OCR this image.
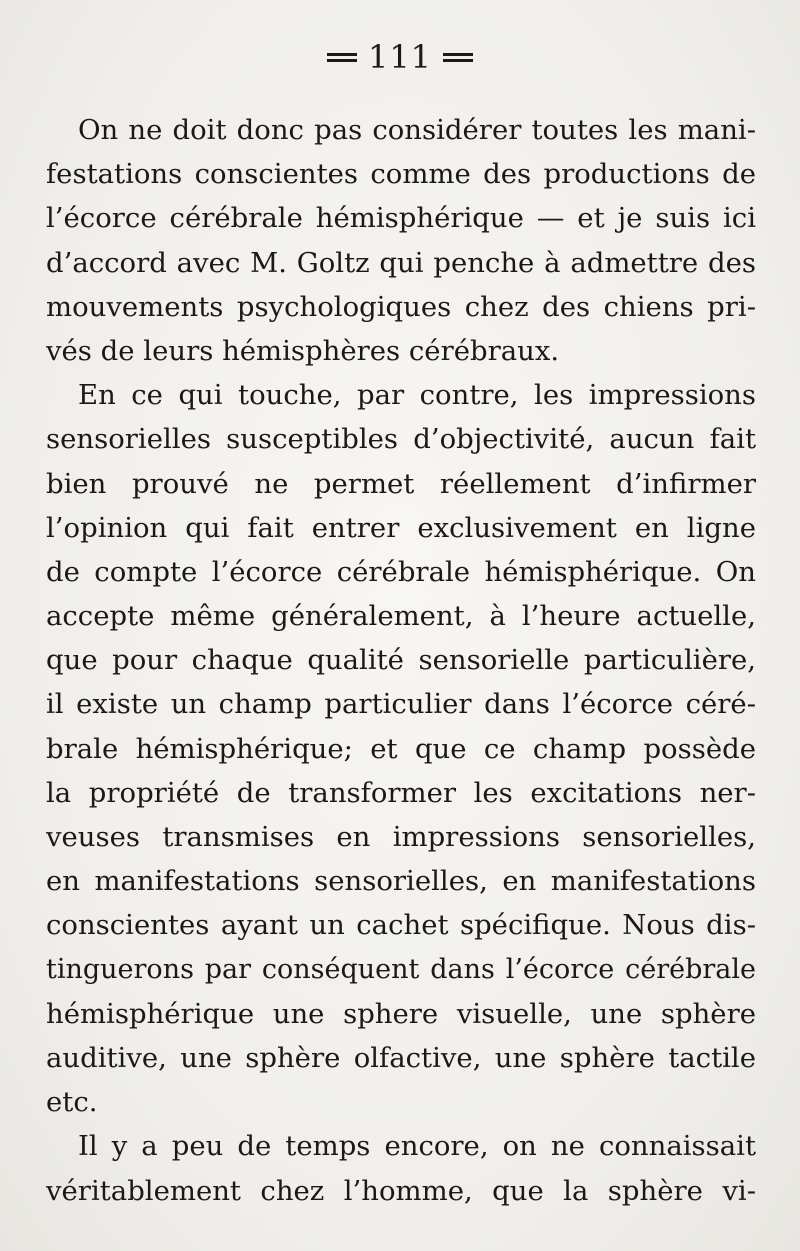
111
On ne doit donc pas considérer toutes les mani-
festations conscientes comme des productions de
l’écorce cérébrale hémisphérique — et je suis ici
d’accord avec M. Goltz qui penche à admettre des
mouvements psychologiques chez des chiens pri-
vés de leurs hémisphères cérébraux.
En ce qui touche, par contre, les impressions
sensorielles susceptibles d’objectivité, aucun fait
bien prouvé ne permet réellement d’infirmer
l’opinion qui fait entrer exclusivement en ligne
de compte l’écorce cérébrale hémisphérique. On
accepte même généralement, à l’heure actuelle,
que pour chaque qualité sensorielle particulière,
il existe un champ particulier dans l’écorce céré-
brale hémisphérique; et que ce champ possède
la propriété de transformer les excitations ner-
veuses transmises en impressions sensorielles,
en manifestations sensorielles, en manifestations
conscientes ayant un cachet spécifique. Nous dis-
tinguerons par conséquent dans l’écorce cérébrale
hémisphérique une sphere visuelle, une sphère
auditive, une sphère olfactive, une sphère tactile
etc.
Il y a peu de temps encore, on ne connaissait
véritablement chez l’homme, que la sphère vi-
